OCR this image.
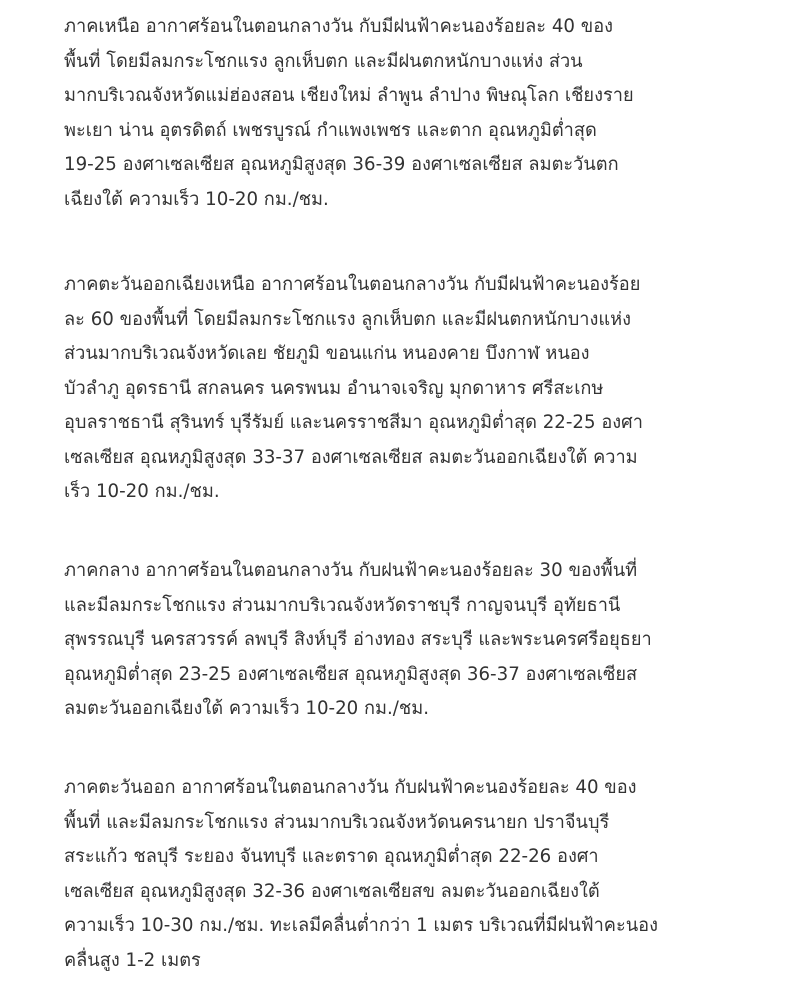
ภาคเหนือ อากาศร้อนในตอนกลางวัน กับมีฝนฟ้าคะนองร้อยละ 40 ของ
พื้นที่ โดยมีลมกระโชกแรง ลูกเห็บตก และมีฝนตกหนักบางแห่ง ส่วน
มากบริเวณจังหวัดแม่ฮ่องสอน เชียงใหม่ ลำพูน ลำปาง พิษณุโลก เชียงราย
พะเยา น่าน อุตรดิตถ์ เพชรบูรณ์ กำแพงเพชร และตาก อุณหภูมิต่ำสุด
19-25 องศาเซลเซียส อุณหภูมิสูงสุด 36-39 องศาเซลเซียส ลมตะวันตก
เฉียงใต้ ความเร็ว 10-20 กม./ชม.

ภาคตะวันออกเฉียงเหนือ อากาศร้อนในตอนกลางวัน กับมีฝนฟ้าคะนองร้อย
ละ 60 ของพื้นที่ โดยมีลมกระโชกแรง ลูกเห็บตก และมีฝนตกหนักบางแห่ง
ส่วนมากบริเวณจังหวัดเลย ชัยภูมิ ขอนแก่น หนองคาย บึงกาฬ หนอง
บัวลำภู อุดรธานี สกลนคร นครพนม อำนาจเจริญ มุกดาหาร ศรีสะเกษ
อุบลราชธานี สุรินทร์ บุรีรัมย์ และนครราชสีมา อุณหภูมิต่ำสุด 22-25 องศา
เซลเซียส อุณหภูมิสูงสุด 33-37 องศาเซลเซียส ลมตะวันออกเฉียงใต้ ความ
เร็ว 10-20 กม./ชม.

ภาคกลาง อากาศร้อนในตอนกลางวัน กับฝนฟ้าคะนองร้อยละ 30 ของพื้นที่
และมีลมกระโชกแรง ส่วนมากบริเวณจังหวัดราชบุรี กาญจนบุรี อุทัยธานี
สุพรรณบุรี นครสวรรค์ ลพบุรี สิงห์บุรี อ่างทอง สระบุรี และพระนครศรีอยุธยา
อุณหภูมิต่ำสุด 23-25 องศาเซลเซียส อุณหภูมิสูงสุด 36-37 องศาเซลเซียส
ลมตะวันออกเฉียงใต้ ความเร็ว 10-20 กม./ชม.

ภาคตะวันออก อากาศร้อนในตอนกลางวัน กับฝนฟ้าคะนองร้อยละ 40 ของ
พื้นที่ และมีลมกระโชกแรง ส่วนมากบริเวณจังหวัดนครนายก ปราจีนบุรี
สระแก้ว ชลบุรี ระยอง จันทบุรี และตราด อุณหภูมิต่ำสุด 22-26 องศา
เซลเซียส อุณหภูมิสูงสุด 32-36 องศาเซลเซียสข ลมตะวันออกเฉียงใต้
ความเร็ว 10-30 กม./ชม. ทะเลมีคลื่นต่ำกว่า 1 เมตร บริเวณที่มีฝนฟ้าคะนอง
คลื่นสูง 1-2 เมตร
